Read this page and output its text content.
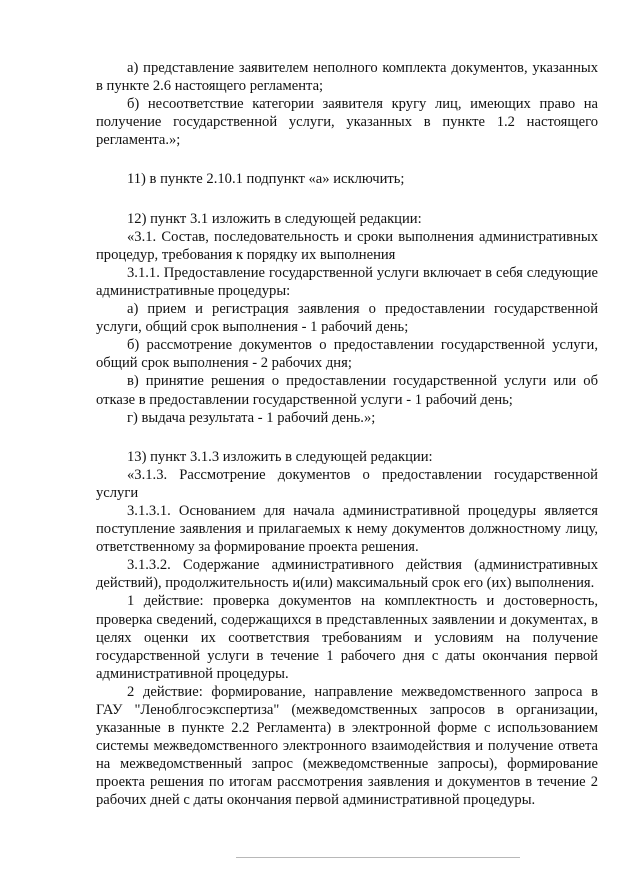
а) представление заявителем неполного комплекта документов, указанных в пункте 2.6 настоящего регламента;

б) несоответствие категории заявителя кругу лиц, имеющих право на получение государственной услуги, указанных в пункте 1.2 настоящего регламента.»;

11) в пункте 2.10.1 подпункт «а» исключить;

12) пункт 3.1 изложить в следующей редакции:

«3.1. Состав, последовательность и сроки выполнения административных процедур, требования к порядку их выполнения

3.1.1. Предоставление государственной услуги включает в себя следующие административные процедуры:

а) прием и регистрация заявления о предоставлении государственной услуги, общий срок выполнения - 1 рабочий день;

б) рассмотрение документов о предоставлении государственной услуги, общий срок выполнения - 2 рабочих дня;

в) принятие решения о предоставлении государственной услуги или об отказе в предоставлении государственной услуги - 1 рабочий день;

г) выдача результата - 1 рабочий день.»;

13) пункт 3.1.3 изложить в следующей редакции:

«3.1.3. Рассмотрение документов о предоставлении государственной услуги

3.1.3.1. Основанием для начала административной процедуры является поступление заявления и прилагаемых к нему документов должностному лицу, ответственному за формирование проекта решения.

3.1.3.2. Содержание административного действия (административных действий), продолжительность и(или) максимальный срок его (их) выполнения.

1 действие: проверка документов на комплектность и достоверность, проверка сведений, содержащихся в представленных заявлении и документах, в целях оценки их соответствия требованиям и условиям на получение государственной услуги в течение 1 рабочего дня с даты окончания первой административной процедуры.

2 действие: формирование, направление межведомственного запроса в ГАУ "Леноблгосэкспертиза" (межведомственных запросов в организации, указанные в пункте 2.2 Регламента) в электронной форме с использованием системы межведомственного электронного взаимодействия и получение ответа на межведомственный запрос (межведомственные запросы), формирование проекта решения по итогам рассмотрения заявления и документов в течение 2 рабочих дней с даты окончания первой административной процедуры.
